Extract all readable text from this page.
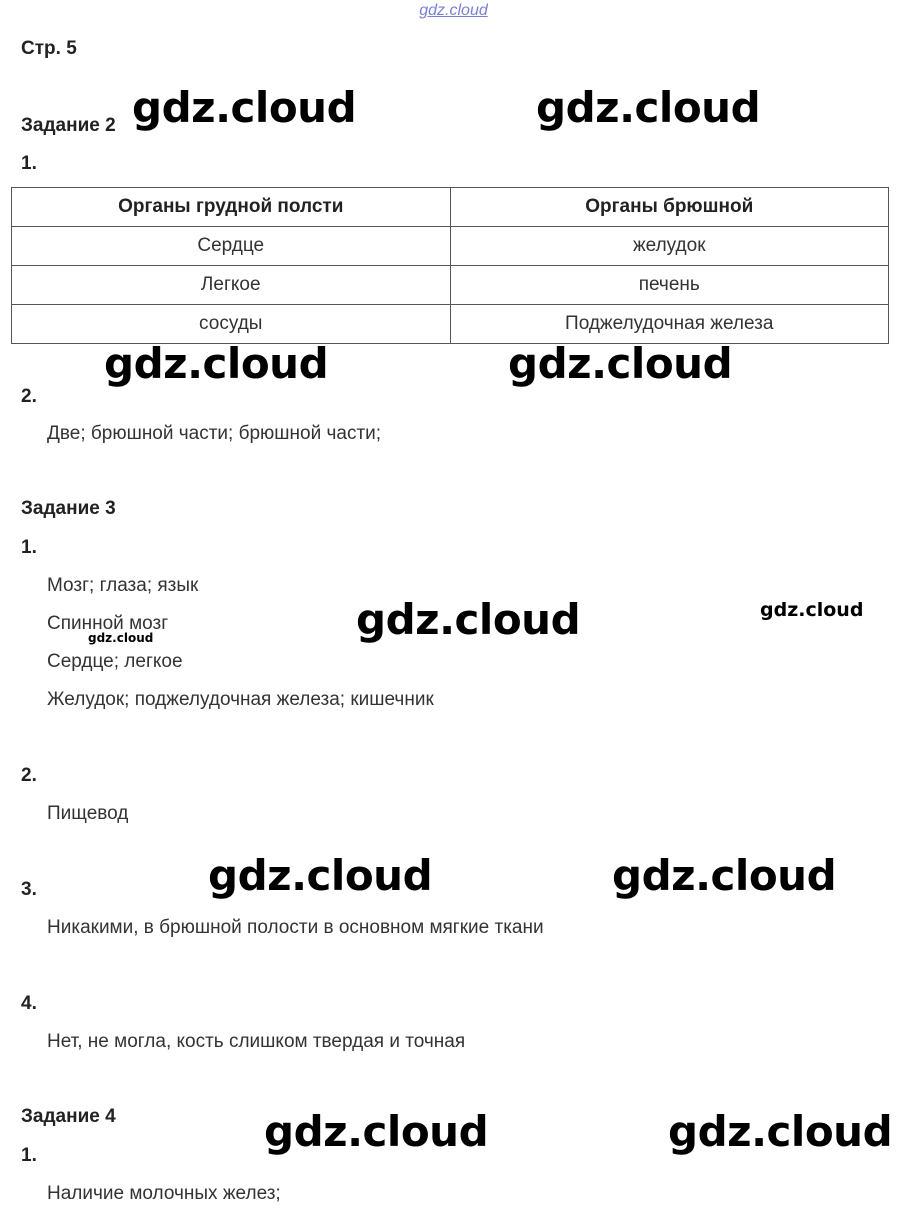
gdz.cloud
Стр. 5
Задание 2 gdz.cloud	gdz.cloud
1.
Органы грудной полсти	Органы брюшной
Сердце	желудок
Легкое	печень
сосуды	Поджелудочная железа
gdz.cloud	gdz.cloud
2.
Две; брюшной части; брюшной части;
Задание 3
1.
Мозг; глаза; язык
Спинной мозг
gdz.cloud	gdz.cloud	gdz.cloud
Сердце; легкое
Желудок; поджелудочная железа; кишечник
2.
Пищевод
gdz.cloud	gdz.cloud
3.
Никакими, в брюшной полости в основном мягкие ткани
4.
Нет, не могла, кость слишком твердая и точная
Задание 4	gdz.cloud	gdz.cloud
1.
Наличие молочных желез;
